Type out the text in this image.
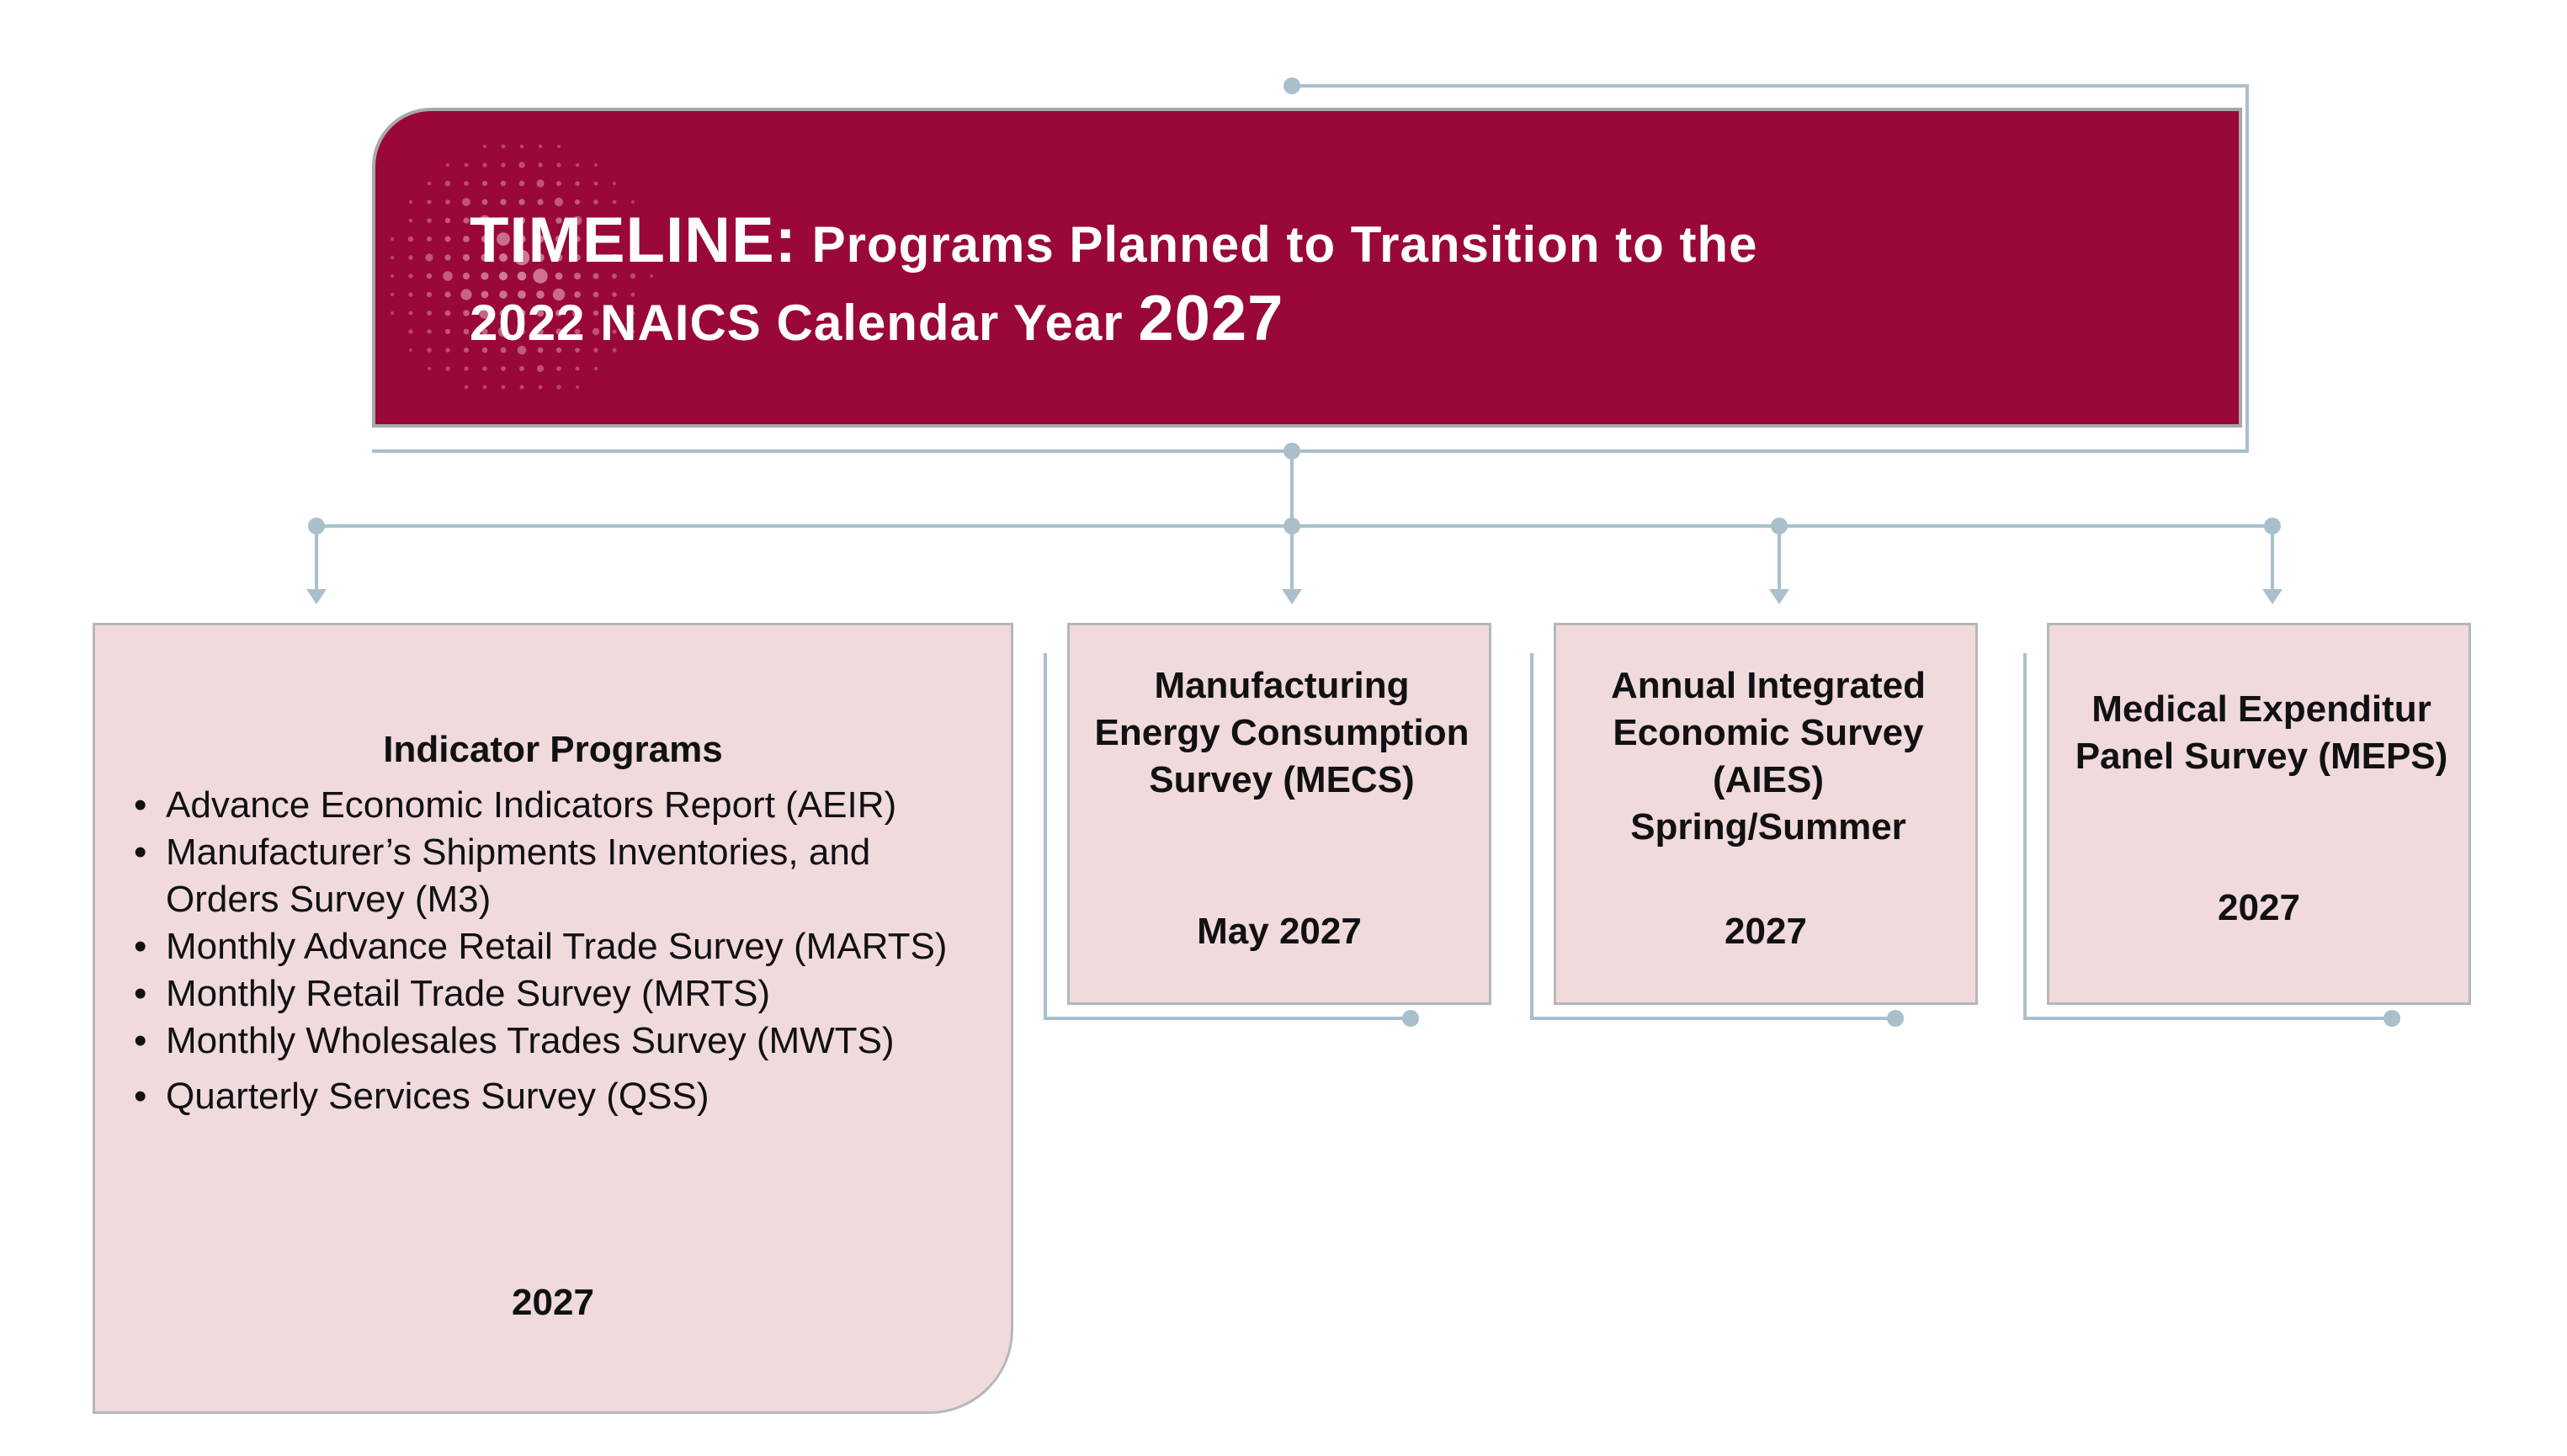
TIMELINE: Programs Planned to Transition to the
2022 NAICS Calendar Year 2027
Indicator Programs
• Advance Economic Indicators Report (AEIR)
• Manufacturer’s Shipments Inventories, and Orders Survey (M3)
• Monthly Advance Retail Trade Survey (MARTS)
• Monthly Retail Trade Survey (MRTS)
• Monthly Wholesales Trades Survey (MWTS)
• Quarterly Services Survey (QSS)
2027
Manufacturing Energy Consumption Survey (MECS)
May 2027
Annual Integrated Economic Survey (AIES) Spring/Summer
2027
Medical Expenditur Panel Survey (MEPS)
2027
